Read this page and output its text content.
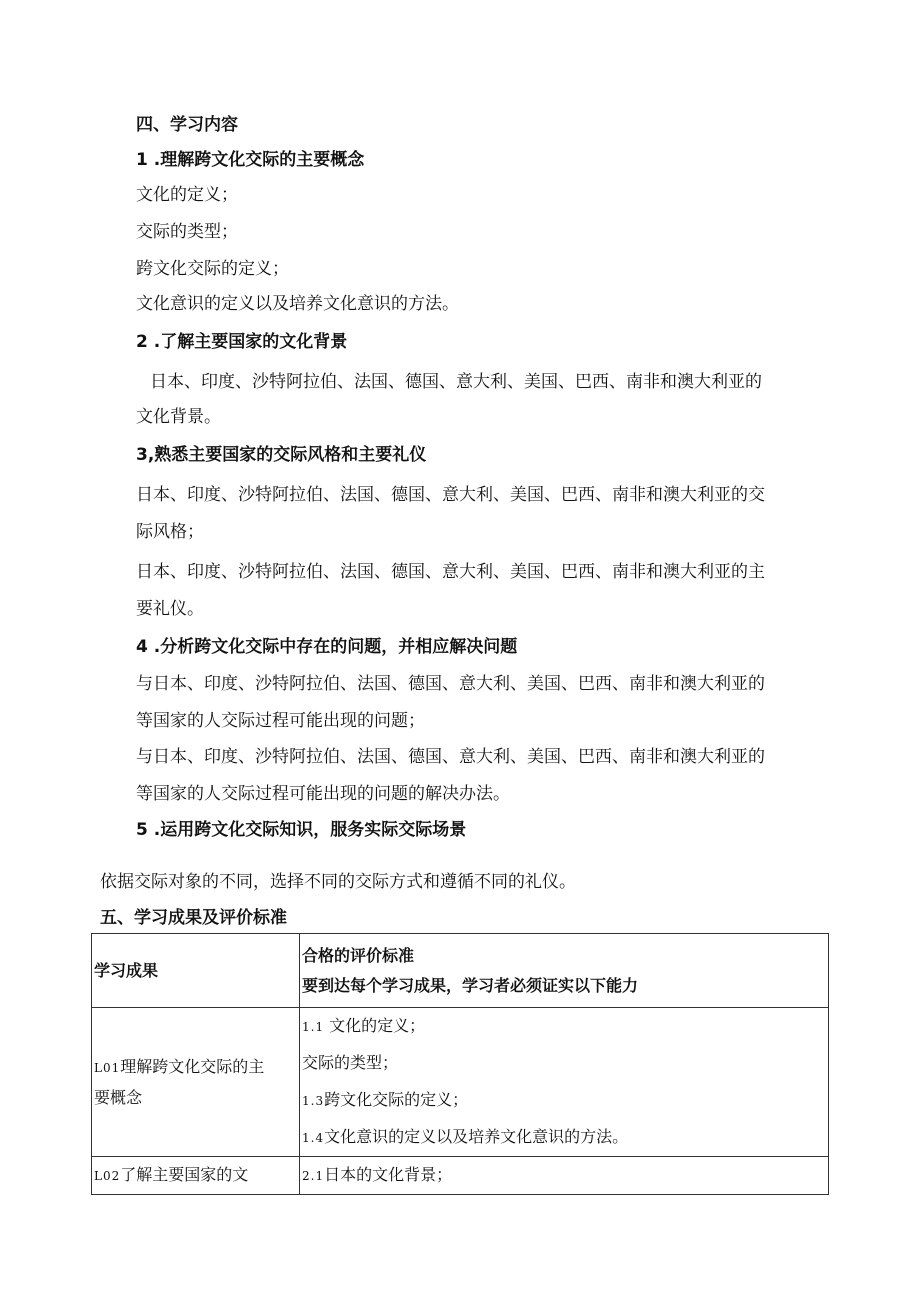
四、学习内容
1 .理解跨文化交际的主要概念
文化的定义；
交际的类型；
跨文化交际的定义；
文化意识的定义以及培养文化意识的方法。
2 .了解主要国家的文化背景
日本、印度、沙特阿拉伯、法国、德国、意大利、美国、巴西、南非和澳大利亚的
文化背景。
3,熟悉主要国家的交际风格和主要礼仪
日本、印度、沙特阿拉伯、法国、德国、意大利、美国、巴西、南非和澳大利亚的交
际风格；
日本、印度、沙特阿拉伯、法国、德国、意大利、美国、巴西、南非和澳大利亚的主
要礼仪。
4 .分析跨文化交际中存在的问题，并相应解决问题
与日本、印度、沙特阿拉伯、法国、德国、意大利、美国、巴西、南非和澳大利亚的
等国家的人交际过程可能出现的问题；
与日本、印度、沙特阿拉伯、法国、德国、意大利、美国、巴西、南非和澳大利亚的
等国家的人交际过程可能出现的问题的解决办法。
5 .运用跨文化交际知识，服务实际交际场景
依据交际对象的不同，选择不同的交际方式和遵循不同的礼仪。
五、学习成果及评价标准
学习成果	合格的评价标准
要到达每个学习成果，学习者必须证实以下能力

L01理解跨文化交际的主
要概念	1.1 文化的定义；
交际的类型；
1.3跨文化交际的定义；
1.4文化意识的定义以及培养文化意识的方法。

L02了解主要国家的文	2.1日本的文化背景；
